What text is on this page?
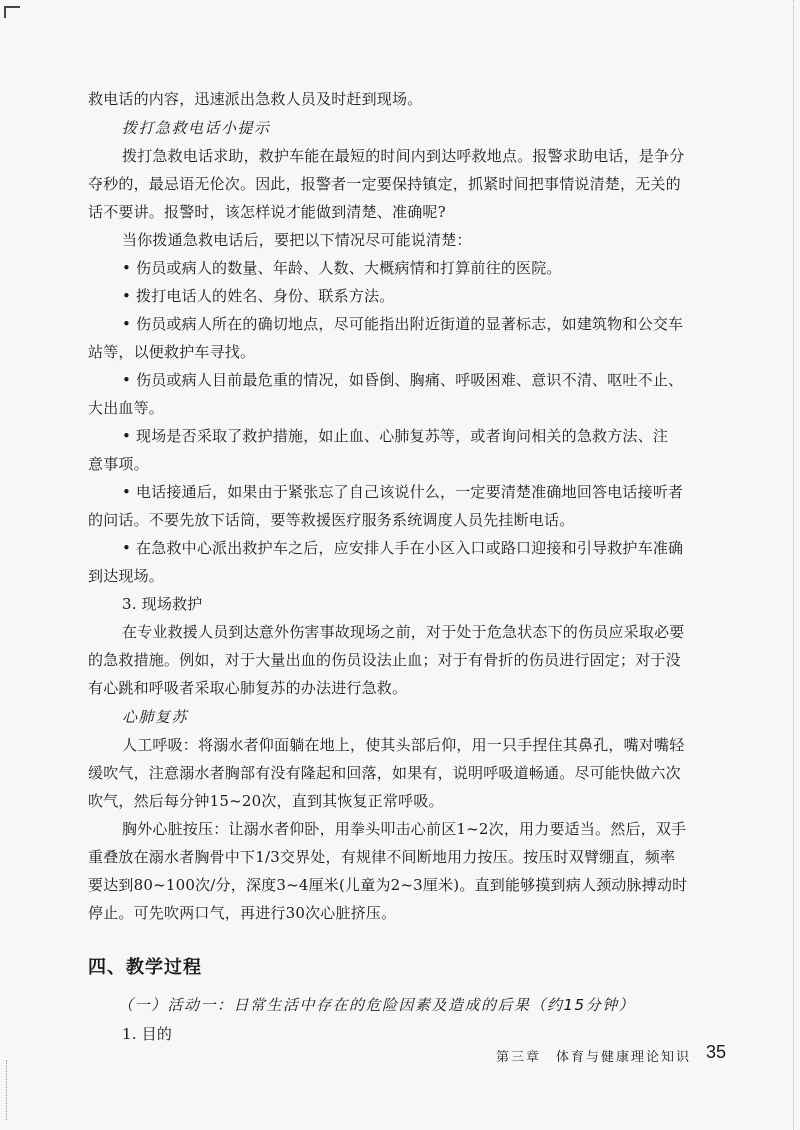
救电话的内容，迅速派出急救人员及时赶到现场。
拨打急救电话小提示
拨打急救电话求助，救护车能在最短的时间内到达呼救地点。报警求助电话，是争分
夺秒的，最忌语无伦次。因此，报警者一定要保持镇定，抓紧时间把事情说清楚，无关的
话不要讲。报警时，该怎样说才能做到清楚、准确呢?
当你拨通急救电话后，要把以下情况尽可能说清楚：
• 伤员或病人的数量、年龄、人数、大概病情和打算前往的医院。
• 拨打电话人的姓名、身份、联系方法。
• 伤员或病人所在的确切地点，尽可能指出附近街道的显著标志，如建筑物和公交车
站等，以便救护车寻找。
• 伤员或病人目前最危重的情况，如昏倒、胸痛、呼吸困难、意识不清、呕吐不止、
大出血等。
• 现场是否采取了救护措施，如止血、心肺复苏等，或者询问相关的急救方法、注
意事项。
• 电话接通后，如果由于紧张忘了自己该说什么，一定要清楚准确地回答电话接听者
的问话。不要先放下话筒，要等救援医疗服务系统调度人员先挂断电话。
• 在急救中心派出救护车之后，应安排人手在小区入口或路口迎接和引导救护车准确
到达现场。
3. 现场救护
在专业救援人员到达意外伤害事故现场之前，对于处于危急状态下的伤员应采取必要
的急救措施。例如，对于大量出血的伤员设法止血；对于有骨折的伤员进行固定；对于没
有心跳和呼吸者采取心肺复苏的办法进行急救。
心肺复苏
人工呼吸：将溺水者仰面躺在地上，使其头部后仰，用一只手捏住其鼻孔，嘴对嘴轻
缓吹气，注意溺水者胸部有没有隆起和回落，如果有，说明呼吸道畅通。尽可能快做六次
吹气，然后每分钟15~20次，直到其恢复正常呼吸。
胸外心脏按压：让溺水者仰卧，用拳头叩击心前区1~2次，用力要适当。然后，双手
重叠放在溺水者胸骨中下1/3交界处，有规律不间断地用力按压。按压时双臂绷直，频率
要达到80~100次/分，深度3~4厘米(儿童为2~3厘米)。直到能够摸到病人颈动脉搏动时
停止。可先吹两口气，再进行30次心脏挤压。
四、教学过程
（一）活动一：日常生活中存在的危险因素及造成的后果（约15分钟）
1. 目的
第三章　体育与健康理论知识 35
